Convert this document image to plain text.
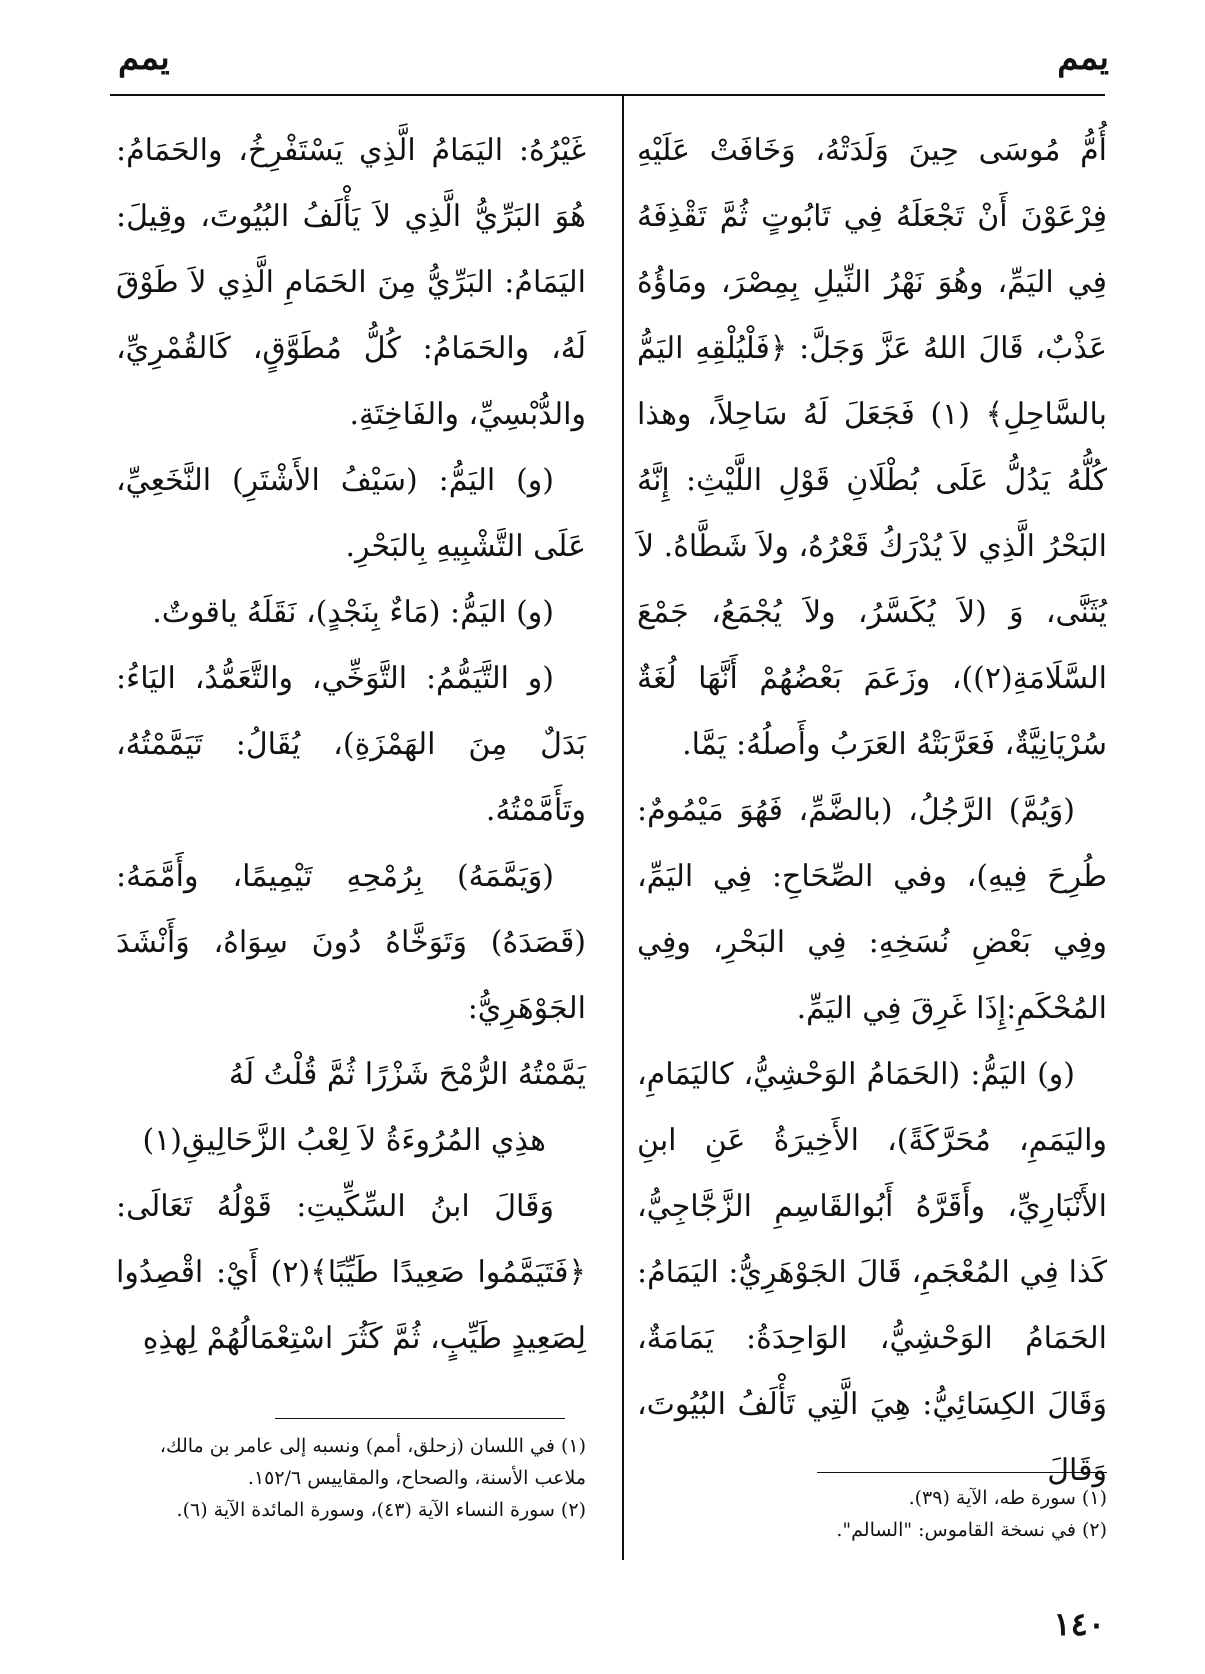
يمم
يمم

أُمُّ مُوسَى حِينَ وَلَدَتْهُ، وَخَافَتْ عَلَيْهِ فِرْعَوْنَ أَنْ تَجْعَلَهُ فِي تَابُوتٍ ثُمَّ تَقْذِفَهُ فِي اليَمِّ، وهُوَ نَهْرُ النِّيلِ بِمِصْرَ، ومَاؤُهُ عَذْبٌ، قَالَ اللهُ عَزَّ وَجَلَّ: ﴿فَلْيُلْقِهِ اليَمُّ بالسَّاحِلِ﴾ (١) فَجَعَلَ لَهُ سَاحِلاً، وهذا كُلُّهُ يَدُلُّ عَلَى بُطْلَانِ قَوْلِ اللَّيْثِ: إِنَّهُ البَحْرُ الَّذِي لاَ يُدْرَكُ قَعْرُهُ، ولاَ شَطَّاهُ. لاَ يُثَنَّى، وَ (لاَ يُكَسَّرُ، ولاَ يُجْمَعُ، جَمْعَ السَّلَامَةِ(٢))، وزَعَمَ بَعْضُهُمْ أَنَّهَا لُغَةٌ سُرْيَانِيَّةٌ، فَعَرَّبَتْهُ العَرَبُ وأَصلُهُ: يَمَّا.

(وَيُمَّ) الرَّجُلُ، (بالضَّمِّ، فَهُوَ مَيْمُومٌ: طُرِحَ فِيهِ)، وفي الصِّحَاحِ: فِي اليَمِّ، وفِي بَعْضِ نُسَخِهِ: فِي البَحْرِ، وفِي المُحْكَمِ:إِذَا غَرِقَ فِي اليَمِّ.

(و) اليَمُّ: (الحَمَامُ الوَحْشِيُّ، كاليَمَامِ، واليَمَمِ، مُحَرَّكَةً)، الأَخِيرَةُ عَنِ ابنِ الأَنْبَارِيِّ، وأَقَرَّهُ أَبُوالقَاسِمِ الزَّجَّاجِيُّ، كَذا فِي المُعْجَمِ، قَالَ الجَوْهَرِيُّ: اليَمَامُ: الحَمَامُ الوَحْشِيُّ، الوَاحِدَةُ: يَمَامَةٌ، وَقَالَ الكِسَائِيُّ: هِيَ الَّتِي تَأْلَفُ البُيُوتَ، وَقَالَ

غَيْرُهُ: اليَمَامُ الَّذِي يَسْتَفْرِخُ، والحَمَامُ: هُوَ البَرِّيُّ الَّذِي لاَ يَأْلَفُ البُيُوتَ، وقِيلَ: اليَمَامُ: البَرِّيُّ مِنَ الحَمَامِ الَّذِي لاَ طَوْقَ لَهُ، والحَمَامُ: كُلُّ مُطَوَّقٍ، كَالقُمْرِيِّ، والدُّبْسِيِّ، والفَاخِتَةِ.

(و) اليَمُّ: (سَيْفُ الأَشْتَرِ) النَّخَعِيِّ، عَلَى التَّشْبِيهِ بِالبَحْرِ.

(و) اليَمُّ: (مَاءٌ بِنَجْدٍ)، نَقَلَهُ ياقوتٌ.

(و التَّيَمُّمُ: التَّوَخِّي، والتَّعَمُّدُ، اليَاءُ: بَدَلٌ مِنَ الهَمْزَةِ)، يُقَالُ: تَيَمَّمْتُهُ، وتَأَمَّمْتُهُ.

(وَيَمَّمَهُ) بِرُمْحِهِ تَيْمِيمًا، وأَمَّمَهُ: (قَصَدَهُ) وَتَوَخَّاهُ دُونَ سِوَاهُ، وَأَنْشَدَ الجَوْهَرِيُّ:

يَمَّمْتُهُ الرُّمْحَ شَزْرًا ثُمَّ قُلْتُ لَهُ

هذِي المُرُوءَةُ لاَ لِعْبُ الزَّحَالِيقِ(١)

وَقَالَ ابنُ السِّكِّيتِ: قَوْلُهُ تَعَالَى: ﴿فَتَيَمَّمُوا صَعِيدًا طَيِّبًا﴾(٢) أَيْ: اقْصِدُوا لِصَعِيدٍ طَيِّبٍ، ثُمَّ كَثُرَ اسْتِعْمَالُهُمْ لِهذِهِ

(١) سورة طه، الآية (٣٩).
(٢) في نسخة القاموس: "السالم".
(١) في اللسان (زحلق، أمم) ونسبه إلى عامر بن مالك، ملاعب الأسنة، والصحاح، والمقاييس ١٥٢/٦.
(٢) سورة النساء الآية (٤٣)، وسورة المائدة الآية (٦).
١٤٠
